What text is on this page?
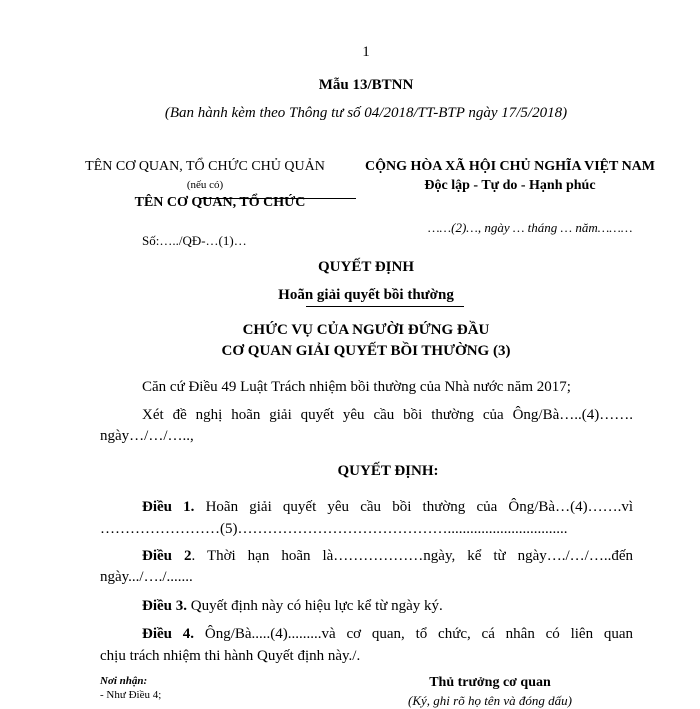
1
Mẫu 13/BTNN
(Ban hành kèm theo Thông tư số 04/2018/TT-BTP ngày 17/5/2018)
TÊN CƠ QUAN, TỔ CHỨC CHỦ QUẢN
(nếu có)
TÊN CƠ QUAN, TỔ CHỨC
CỘNG HÒA XÃ HỘI CHỦ NGHĨA VIỆT NAM
Độc lập - Tự do - Hạnh phúc
Số:…../QĐ-…(1)…
……(2)…, ngày … tháng … năm………
QUYẾT ĐỊNH
Hoãn giải quyết bồi thường
CHỨC VỤ CỦA NGƯỜI ĐỨNG ĐẦU
CƠ QUAN GIẢI QUYẾT BỒI THƯỜNG (3)
Căn cứ Điều 49 Luật Trách nhiệm bồi thường của Nhà nước năm 2017;
Xét đề nghị hoãn giải quyết yêu cầu bồi thường của Ông/Bà…..(4)…….
ngày…/…/…..,
QUYẾT ĐỊNH:
Điều 1. Hoãn giải quyết yêu cầu bồi thường của Ông/Bà…(4)…….vì
……………………(5)……………………………………................................
Điều 2. Thời hạn hoãn là………………ngày, kể từ ngày…./…/…..đến
ngày.../…./.......
Điều 3. Quyết định này có hiệu lực kể từ ngày ký.
Điều 4. Ông/Bà.....(4).........và cơ quan, tổ chức, cá nhân có liên quan
chịu trách nhiệm thi hành Quyết định này./.
Nơi nhận:
- Như Điều 4;
Thủ trưởng cơ quan
(Ký, ghi rõ họ tên và đóng dấu)
